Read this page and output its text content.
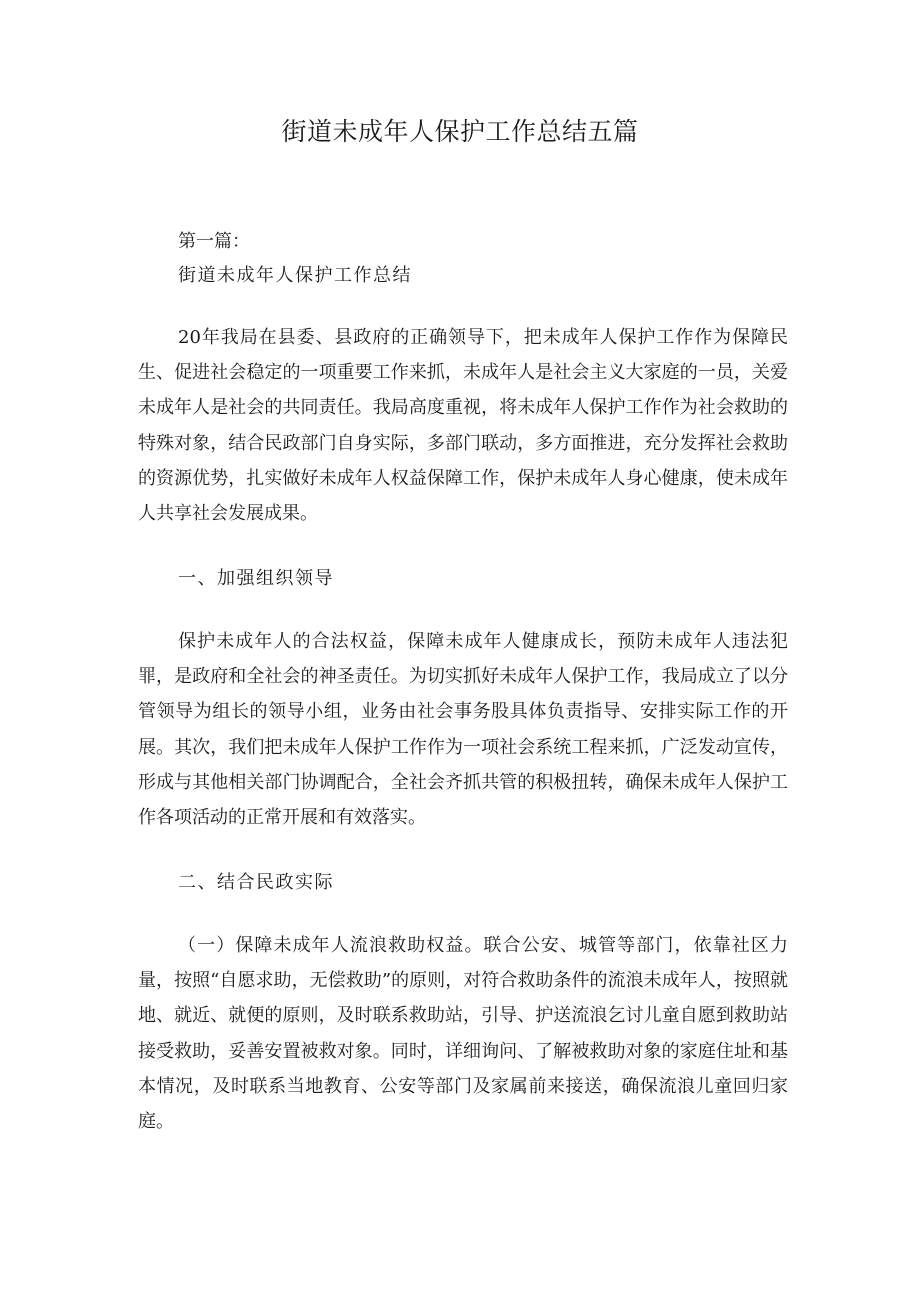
街道未成年人保护工作总结五篇
第一篇：
街道未成年人保护工作总结

20年我局在县委、县政府的正确领导下，把未成年人保护工作作为保障民生、促进社会稳定的一项重要工作来抓，未成年人是社会主义大家庭的一员，关爱未成年人是社会的共同责任。我局高度重视，将未成年人保护工作作为社会救助的特殊对象，结合民政部门自身实际，多部门联动，多方面推进，充分发挥社会救助的资源优势，扎实做好未成年人权益保障工作，保护未成年人身心健康，使未成年人共享社会发展成果。

一、加强组织领导

保护未成年人的合法权益，保障未成年人健康成长，预防未成年人违法犯罪，是政府和全社会的神圣责任。为切实抓好未成年人保护工作，我局成立了以分管领导为组长的领导小组，业务由社会事务股具体负责指导、安排实际工作的开展。其次，我们把未成年人保护工作作为一项社会系统工程来抓，广泛发动宣传，形成与其他相关部门协调配合，全社会齐抓共管的积极扭转，确保未成年人保护工作各项活动的正常开展和有效落实。

二、结合民政实际

（一）保障未成年人流浪救助权益。联合公安、城管等部门，依靠社区力量，按照“自愿求助，无偿救助”的原则，对符合救助条件的流浪未成年人，按照就地、就近、就便的原则，及时联系救助站，引导、护送流浪乞讨儿童自愿到救助站接受救助，妥善安置被救对象。同时，详细询问、了解被救助对象的家庭住址和基本情况，及时联系当地教育、公安等部门及家属前来接送，确保流浪儿童回归家庭。
